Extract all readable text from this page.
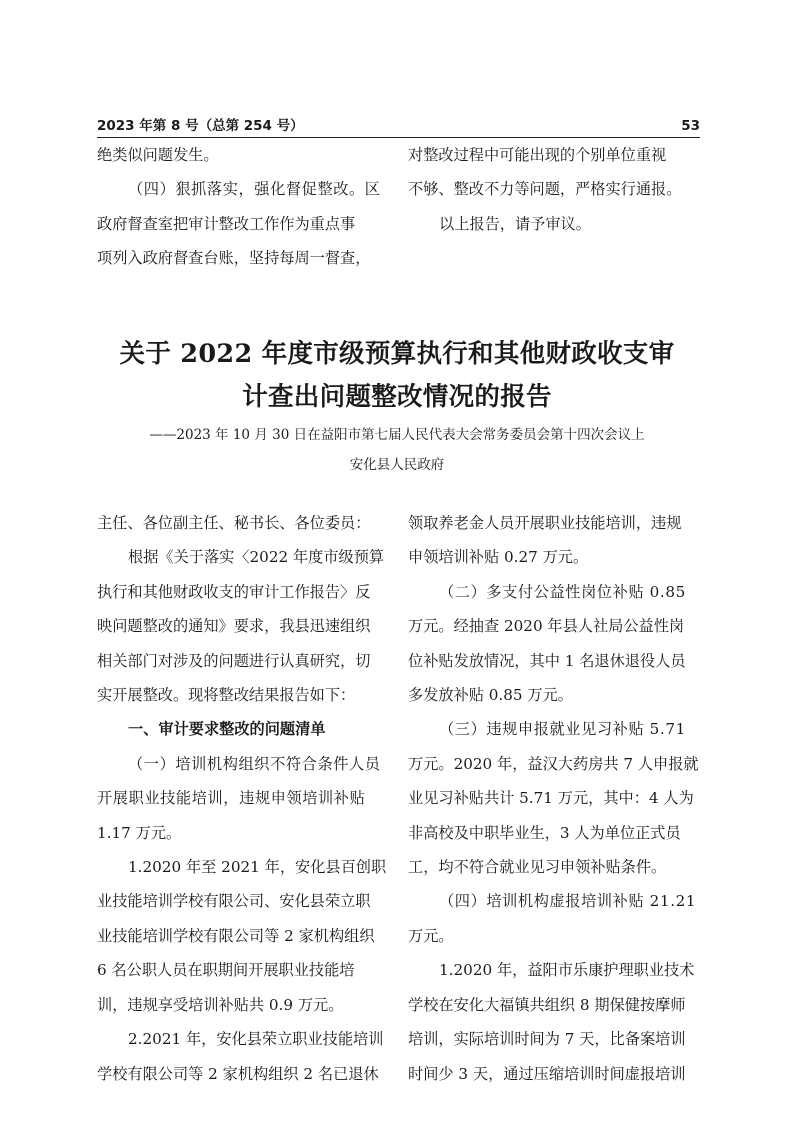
2023 年第 8 号（总第 254 号）	53

绝类似问题发生。

（四）狠抓落实，强化督促整改。区

政府督查室把审计整改工作作为重点事

项列入政府督查台账，坚持每周一督查，

对整改过程中可能出现的个别单位重视

不够、整改不力等问题，严格实行通报。

以上报告，请予审议。

关于 2022 年度市级预算执行和其他财政收支审
计查出问题整改情况的报告
——2023 年 10 月 30 日在益阳市第七届人民代表大会常务委员会第十四次会议上
安化县人民政府

主任、各位副主任、秘书长、各位委员：

根据《关于落实〈2022 年度市级预算

执行和其他财政收支的审计工作报告〉反

映问题整改的通知》要求，我县迅速组织

相关部门对涉及的问题进行认真研究，切

实开展整改。现将整改结果报告如下：

一、审计要求整改的问题清单

（一）培训机构组织不符合条件人员

开展职业技能培训，违规申领培训补贴

1.17 万元。

1.2020 年至 2021 年，安化县百创职

业技能培训学校有限公司、安化县荣立职

业技能培训学校有限公司等 2 家机构组织

6 名公职人员在职期间开展职业技能培

训，违规享受培训补贴共 0.9 万元。

2.2021 年，安化县荣立职业技能培训

学校有限公司等 2 家机构组织 2 名已退休

领取养老金人员开展职业技能培训，违规

申领培训补贴 0.27 万元。

（二）多支付公益性岗位补贴 0.85

万元。经抽查 2020 年县人社局公益性岗

位补贴发放情况，其中 1 名退休退役人员

多发放补贴 0.85 万元。

（三）违规申报就业见习补贴 5.71

万元。2020 年，益汉大药房共 7 人申报就

业见习补贴共计 5.71 万元，其中：4 人为

非高校及中职毕业生，3 人为单位正式员

工，均不符合就业见习申领补贴条件。

（四）培训机构虚报培训补贴 21.21

万元。

1.2020 年，益阳市乐康护理职业技术

学校在安化大福镇共组织 8 期保健按摩师

培训，实际培训时间为 7 天，比备案培训

时间少 3 天，通过压缩培训时间虚报培训
